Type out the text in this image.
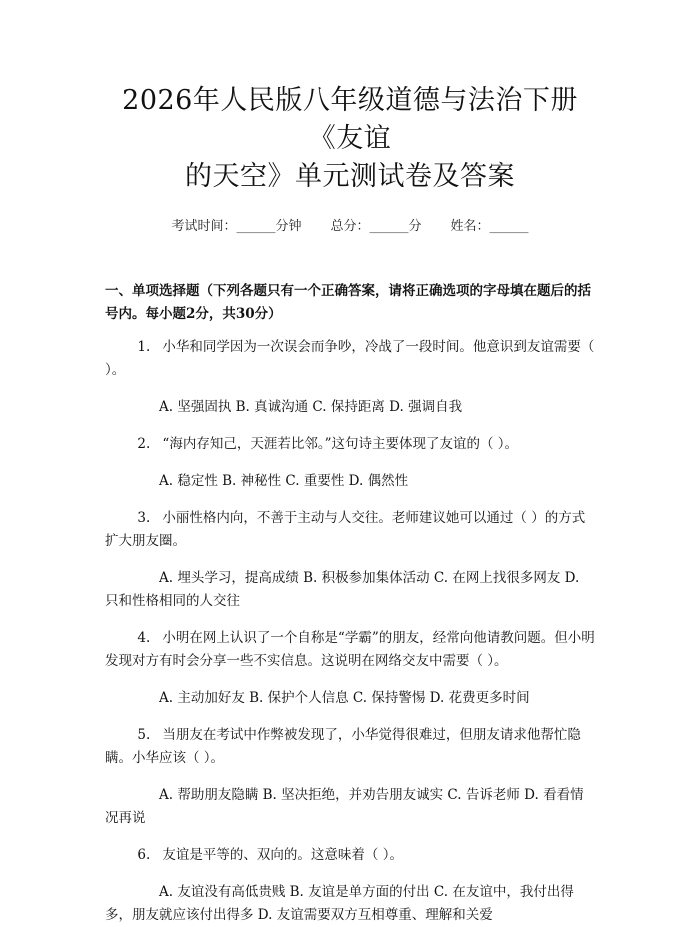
2026年人民版八年级道德与法治下册《友谊
的天空》单元测试卷及答案
考试时间：______分钟 总分：______分 姓名：______
一、单项选择题（下列各题只有一个正确答案，请将正确选项的字母填在题后的括号内。每小题2分，共30分）
1. 小华和同学因为一次误会而争吵，冷战了一段时间。他意识到友谊需要（ ）。
A. 坚强固执 B. 真诚沟通 C. 保持距离 D. 强调自我
2. “海内存知己，天涯若比邻。”这句诗主要体现了友谊的（ ）。
A. 稳定性 B. 神秘性 C. 重要性 D. 偶然性
3. 小丽性格内向，不善于主动与人交往。老师建议她可以通过（ ）的方式扩大朋友圈。
A. 埋头学习，提高成绩 B. 积极参加集体活动 C. 在网上找很多网友 D. 只和性格相同的人交往
4. 小明在网上认识了一个自称是“学霸”的朋友，经常向他请教问题。但小明发现对方有时会分享一些不实信息。这说明在网络交友中需要（ ）。
A. 主动加好友 B. 保护个人信息 C. 保持警惕 D. 花费更多时间
5. 当朋友在考试中作弊被发现了，小华觉得很难过，但朋友请求他帮忙隐瞒。小华应该（ ）。
A. 帮助朋友隐瞒 B. 坚决拒绝，并劝告朋友诚实 C. 告诉老师 D. 看看情况再说
6. 友谊是平等的、双向的。这意味着（ ）。
A. 友谊没有高低贵贱 B. 友谊是单方面的付出 C. 在友谊中，我付出得多，朋友就应该付出得多 D. 友谊需要双方互相尊重、理解和关爱
